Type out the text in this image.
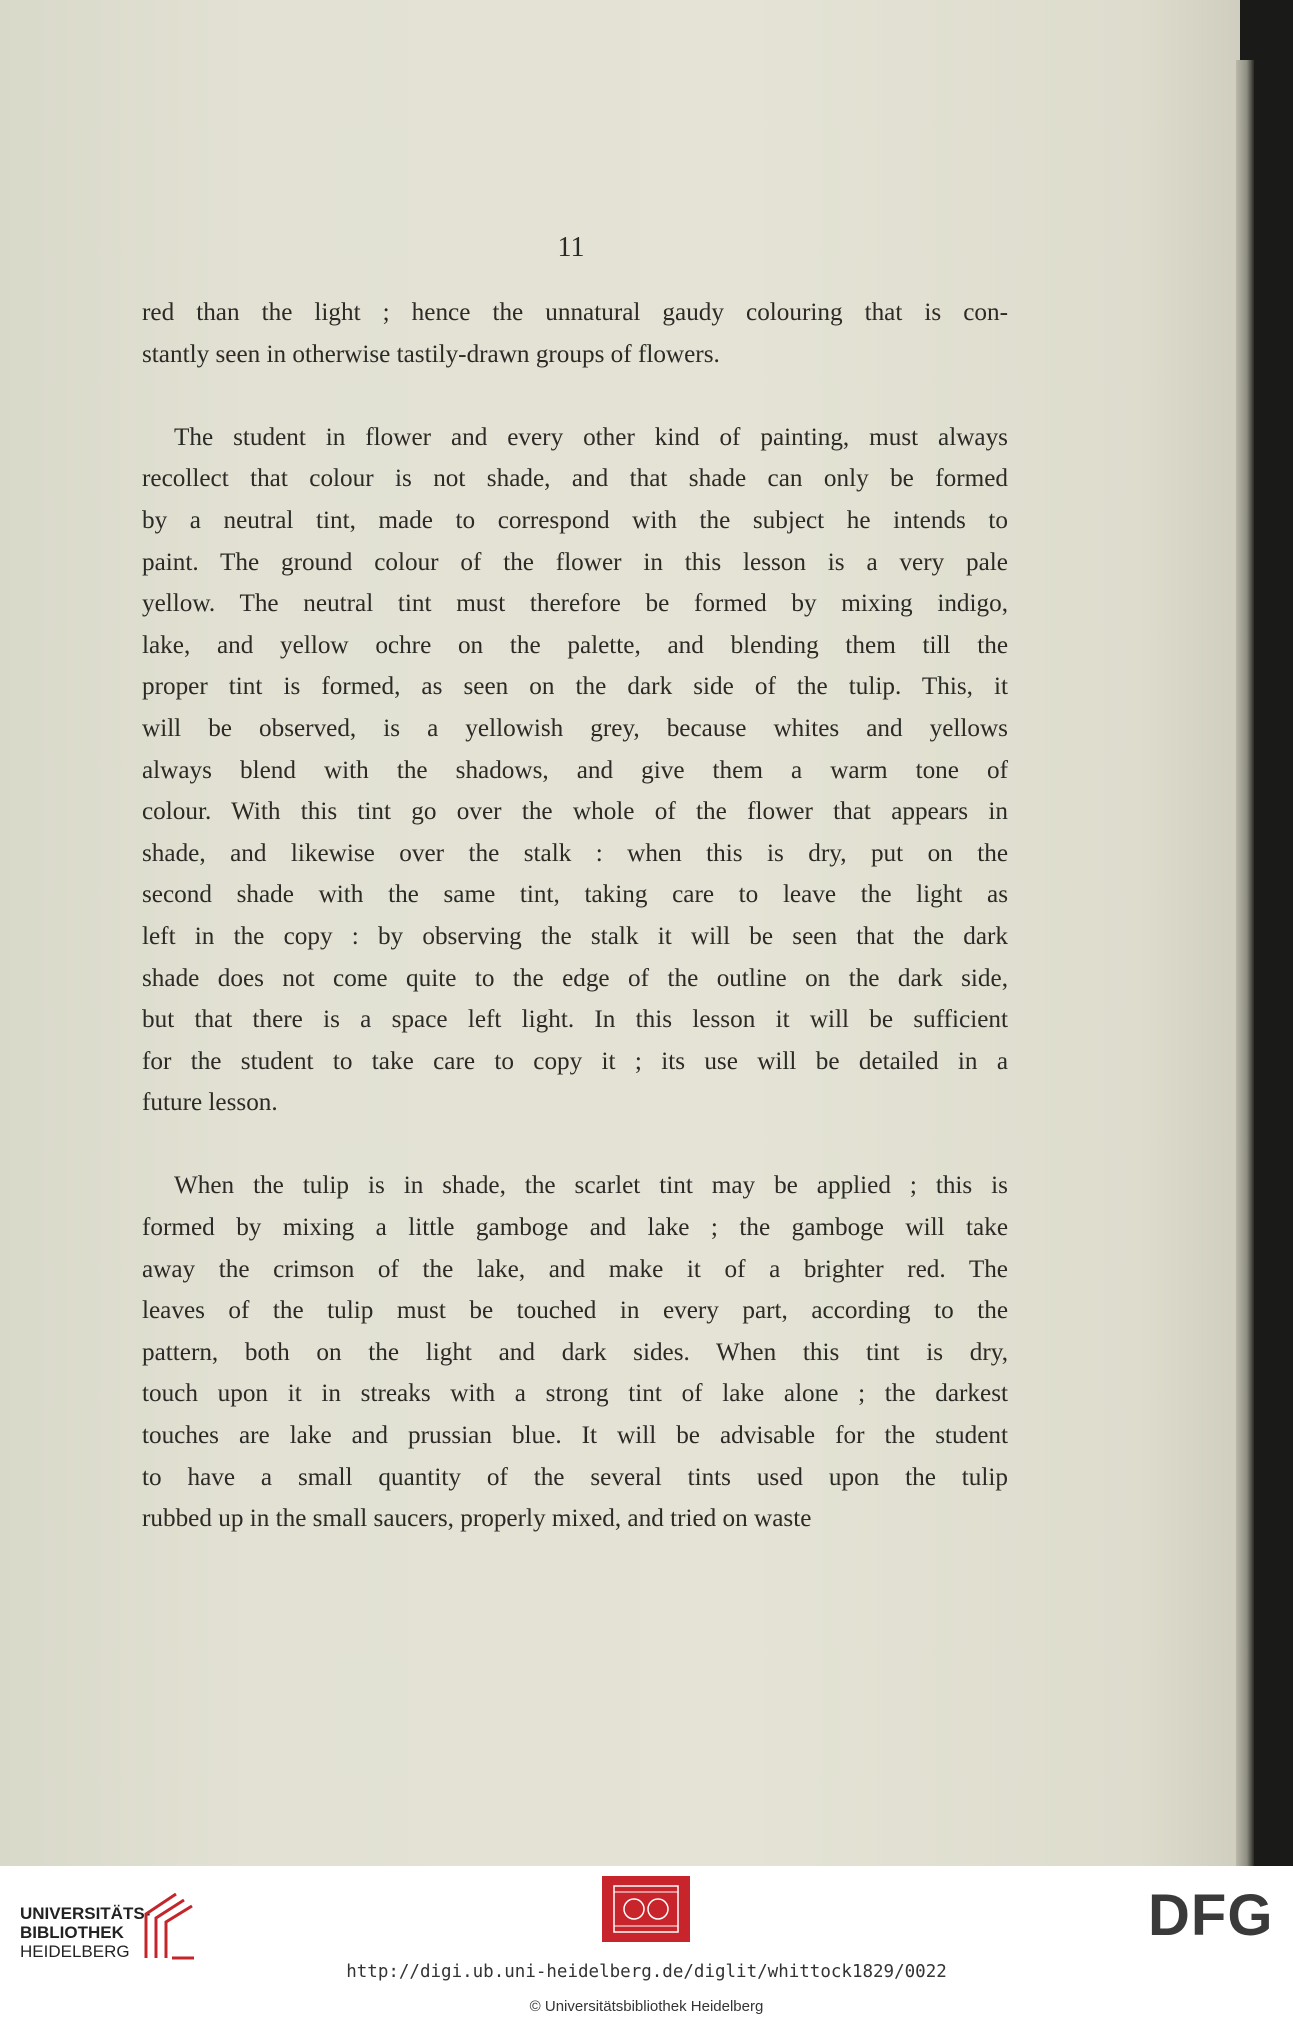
11
red than the light ; hence the unnatural gaudy colouring that is con-
stantly seen in otherwise tastily-drawn groups of flowers.
The student in flower and every other kind of painting, must always
recollect that colour is not shade, and that shade can only be formed
by a neutral tint, made to correspond with the subject he intends to
paint. The ground colour of the flower in this lesson is a very pale
yellow. The neutral tint must therefore be formed by mixing indigo,
lake, and yellow ochre on the palette, and blending them till the
proper tint is formed, as seen on the dark side of the tulip. This, it
will be observed, is a yellowish grey, because whites and yellows
always blend with the shadows, and give them a warm tone of
colour. With this tint go over the whole of the flower that appears in
shade, and likewise over the stalk : when this is dry, put on the
second shade with the same tint, taking care to leave the light as
left in the copy : by observing the stalk it will be seen that the dark
shade does not come quite to the edge of the outline on the dark side,
but that there is a space left light. In this lesson it will be sufficient
for the student to take care to copy it ; its use will be detailed in a
future lesson.
When the tulip is in shade, the scarlet tint may be applied ; this is
formed by mixing a little gamboge and lake ; the gamboge will take
away the crimson of the lake, and make it of a brighter red. The
leaves of the tulip must be touched in every part, according to the
pattern, both on the light and dark sides. When this tint is dry,
touch upon it in streaks with a strong tint of lake alone ; the darkest
touches are lake and prussian blue. It will be advisable for the student
to have a small quantity of the several tints used upon the tulip
rubbed up in the small saucers, properly mixed, and tried on waste
UNIVERSITÄTS-
BIBLIOTHEK
HEIDELBERG
DFG
http://digi.ub.uni-heidelberg.de/diglit/whittock1829/0022
© Universitätsbibliothek Heidelberg
